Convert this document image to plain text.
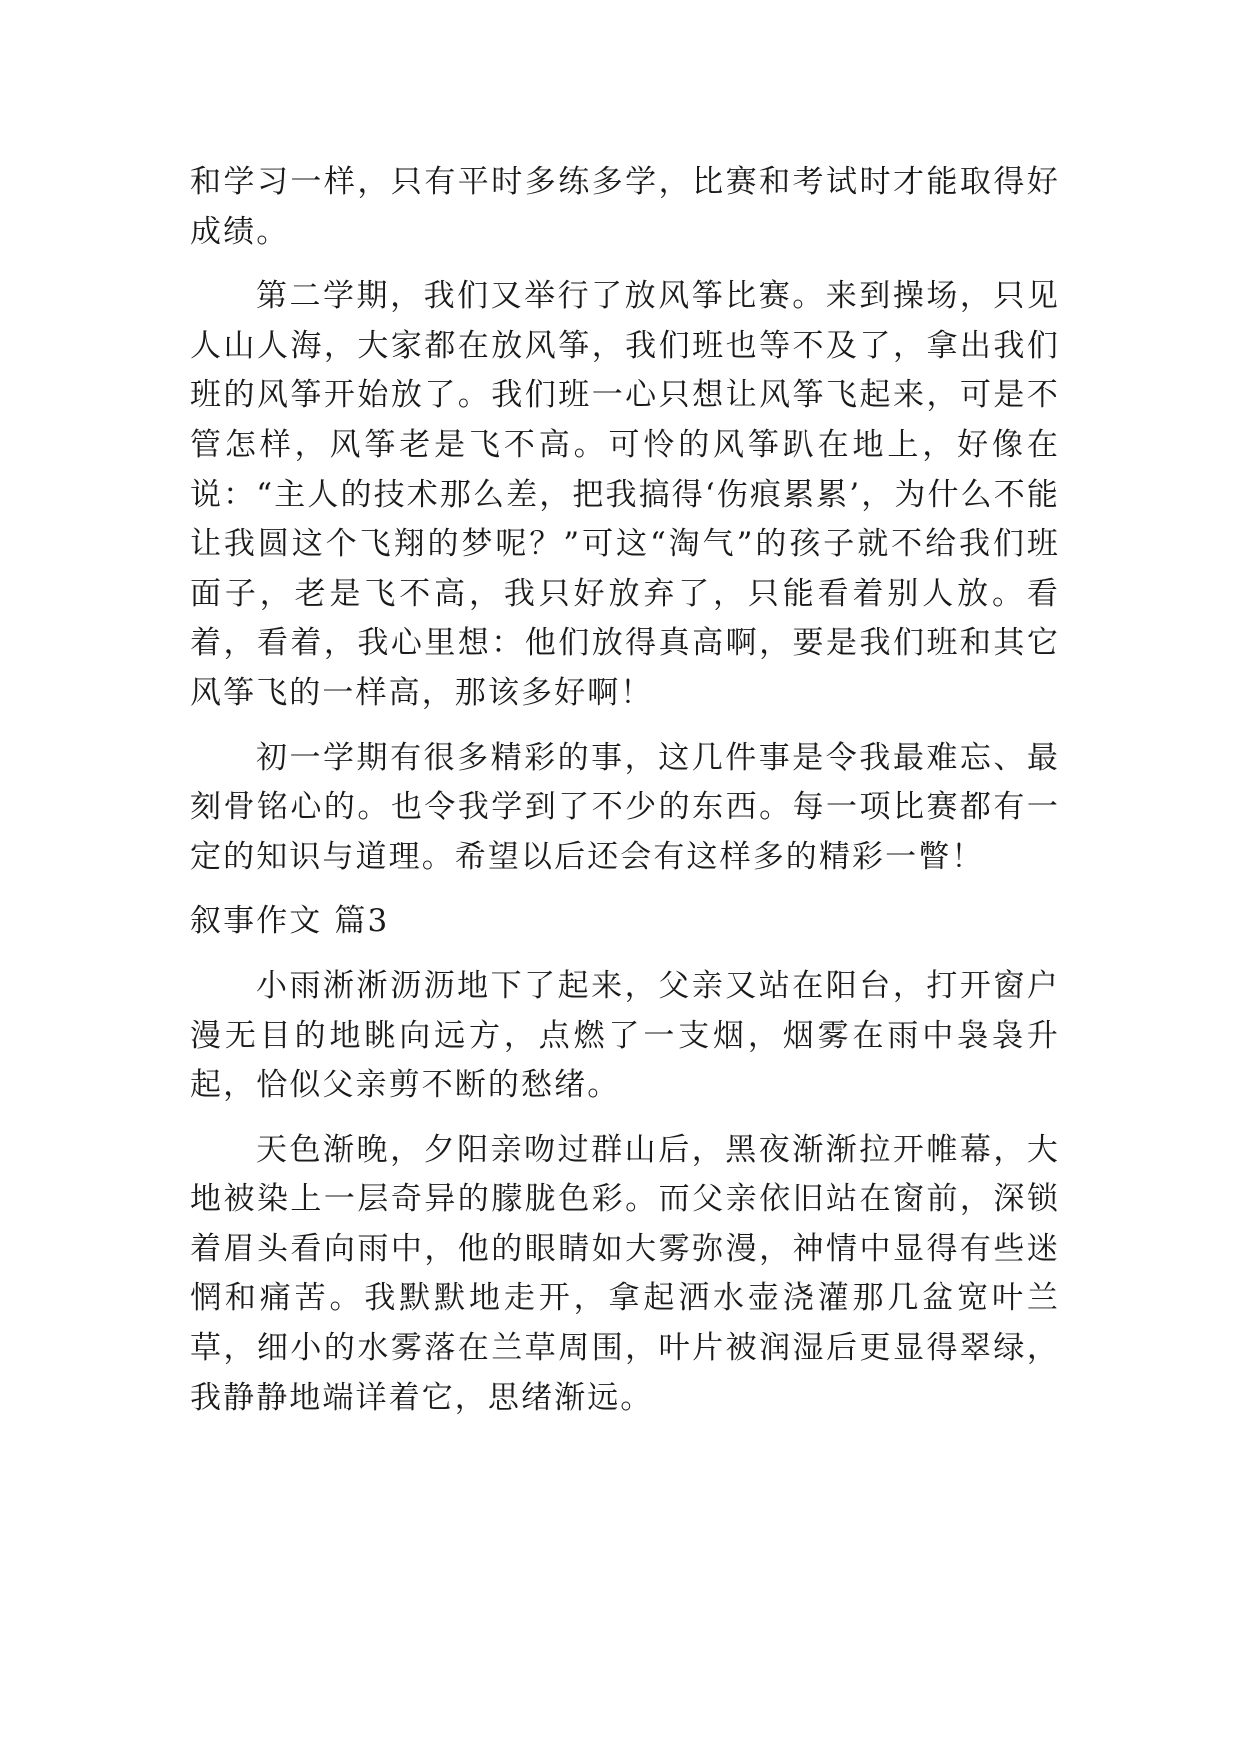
和学习一样，只有平时多练多学，比赛和考试时才能取得好成绩。

第二学期，我们又举行了放风筝比赛。来到操场，只见人山人海，大家都在放风筝，我们班也等不及了，拿出我们班的风筝开始放了。我们班一心只想让风筝飞起来，可是不管怎样，风筝老是飞不高。可怜的风筝趴在地上，好像在说：“主人的技术那么差，把我搞得‘伤痕累累’，为什么不能让我圆这个飞翔的梦呢？”可这“淘气”的孩子就不给我们班面子，老是飞不高，我只好放弃了，只能看着别人放。看着，看着，我心里想：他们放得真高啊，要是我们班和其它风筝飞的一样高，那该多好啊！

初一学期有很多精彩的事，这几件事是令我最难忘、最刻骨铭心的。也令我学到了不少的东西。每一项比赛都有一定的知识与道理。希望以后还会有这样多的精彩一瞥！

叙事作文 篇3

小雨淅淅沥沥地下了起来，父亲又站在阳台，打开窗户漫无目的地眺向远方，点燃了一支烟，烟雾在雨中袅袅升起，恰似父亲剪不断的愁绪。

天色渐晚，夕阳亲吻过群山后，黑夜渐渐拉开帷幕，大地被染上一层奇异的朦胧色彩。而父亲依旧站在窗前，深锁着眉头看向雨中，他的眼睛如大雾弥漫，神情中显得有些迷惘和痛苦。我默默地走开，拿起洒水壶浇灌那几盆宽叶兰草，细小的水雾落在兰草周围，叶片被润湿后更显得翠绿，我静静地端详着它，思绪渐远。
